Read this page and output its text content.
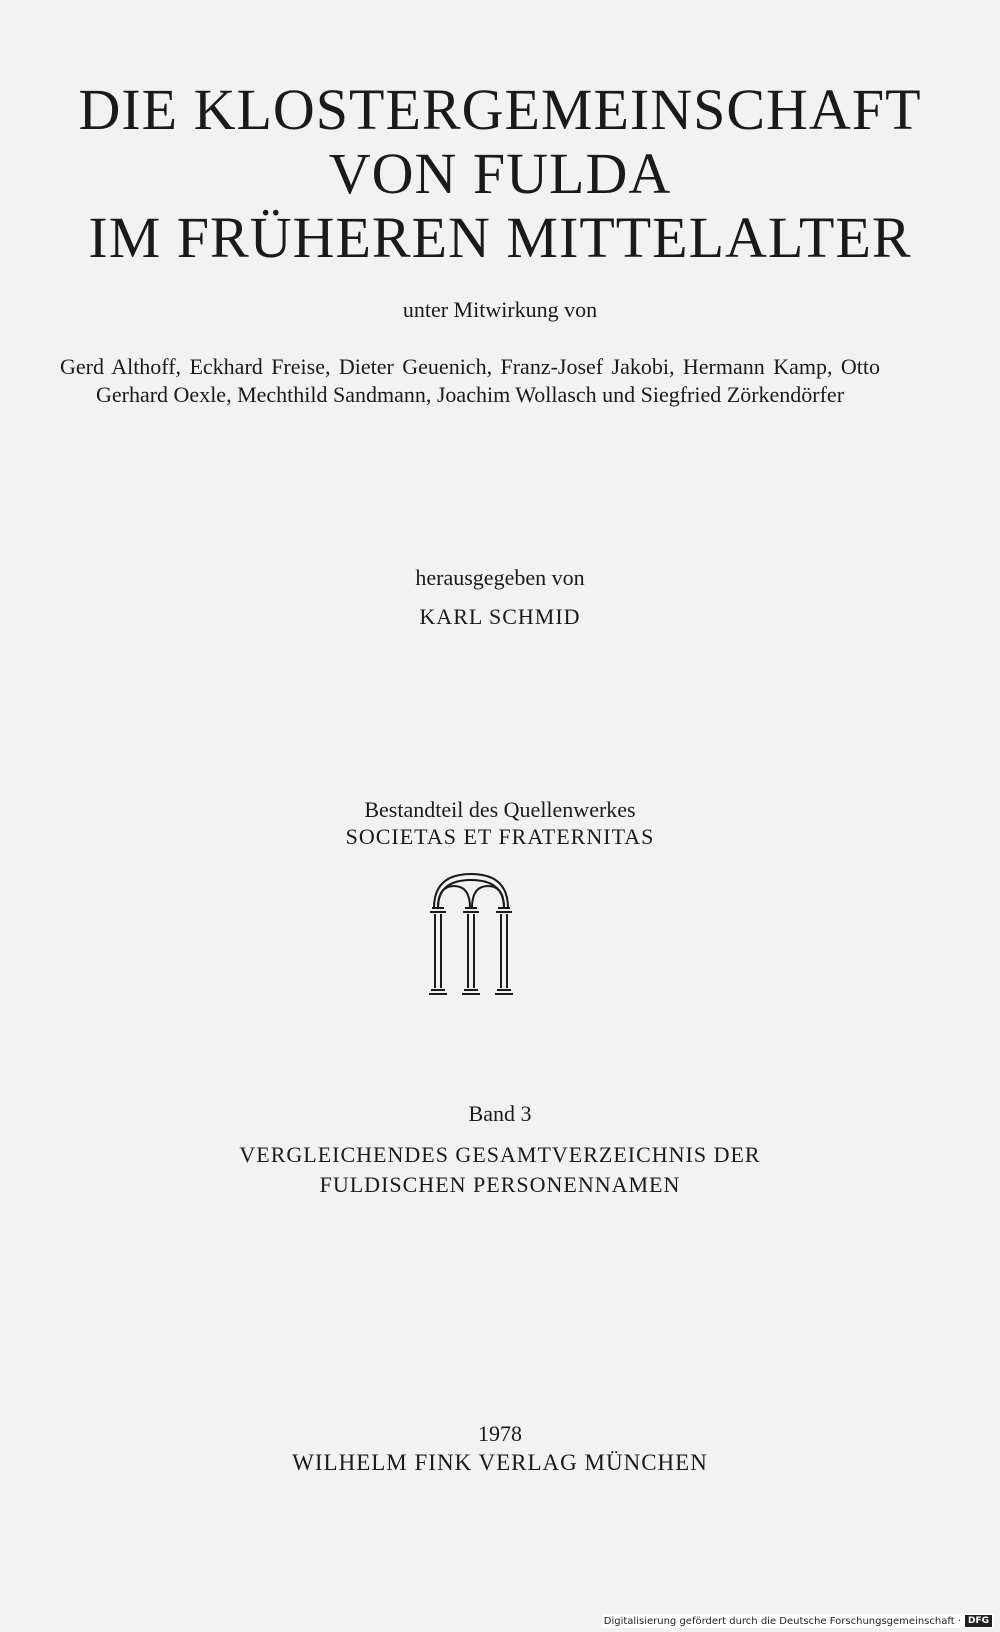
DIE KLOSTERGEMEINSCHAFT
VON FULDA
IM FRÜHEREN MITTELALTER
unter Mitwirkung von
Gerd Althoff, Eckhard Freise, Dieter Geuenich, Franz-Josef Jakobi, Hermann Kamp, Otto Gerhard Oexle, Mechthild Sandmann, Joachim Wollasch und Siegfried Zörkendörfer
herausgegeben von
KARL SCHMID
Bestandteil des Quellenwerkes
SOCIETAS ET FRATERNITAS
Band 3
VERGLEICHENDES GESAMTVERZEICHNIS DER
FULDISCHEN PERSONENNAMEN
1978
WILHELM FINK VERLAG MÜNCHEN
Digitalisierung gefördert durch die Deutsche Forschungsgemeinschaft · DFG
